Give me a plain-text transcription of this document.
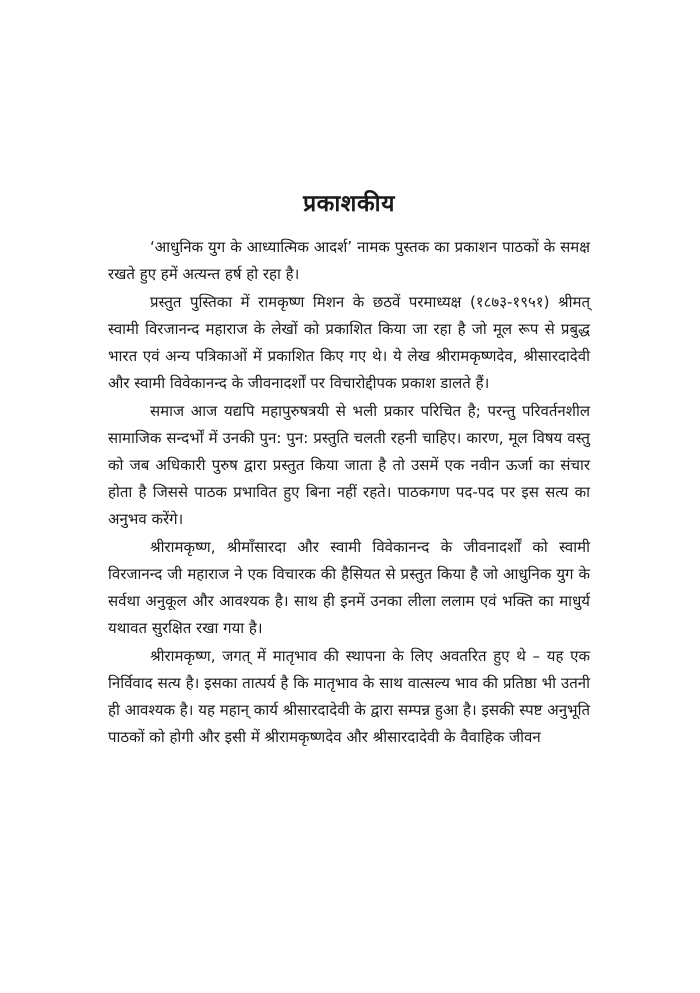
प्रकाशकीय

‘आधुनिक युग के आध्यात्मिक आदर्श’ नामक पुस्तक का प्रकाशन पाठकों के समक्ष रखते हुए हमें अत्यन्त हर्ष हो रहा है।

प्रस्तुत पुस्तिका में रामकृष्ण मिशन के छठवें परमाध्यक्ष (१८७३-१९५१) श्रीमत् स्वामी विरजानन्द महाराज के लेखों को प्रकाशित किया जा रहा है जो मूल रूप से प्रबुद्ध भारत एवं अन्य पत्रिकाओं में प्रकाशित किए गए थे। ये लेख श्रीरामकृष्णदेव, श्रीसारदादेवी और स्वामी विवेकानन्द के जीवनादर्शों पर विचारोद्दीपक प्रकाश डालते हैं।

समाज आज यद्यपि महापुरुषत्रयी से भली प्रकार परिचित है; परन्तु परिवर्तनशील सामाजिक सन्दर्भों में उनकी पुन: पुन: प्रस्तुति चलती रहनी चाहिए। कारण, मूल विषय वस्तु को जब अधिकारी पुरुष द्वारा प्रस्तुत किया जाता है तो उसमें एक नवीन ऊर्जा का संचार होता है जिससे पाठक प्रभावित हुए बिना नहीं रहते। पाठकगण पद-पद पर इस सत्य का अनुभव करेंगे।

श्रीरामकृष्ण, श्रीमाँसारदा और स्वामी विवेकानन्द के जीवनादर्शों को स्वामी विरजानन्द जी महाराज ने एक विचारक की हैसियत से प्रस्तुत किया है जो आधुनिक युग के सर्वथा अनुकूल और आवश्यक है। साथ ही इनमें उनका लीला ललाम एवं भक्ति का माधुर्य यथावत सुरक्षित रखा गया है।

श्रीरामकृष्ण, जगत् में मातृभाव की स्थापना के लिए अवतरित हुए थे – यह एक निर्विवाद सत्य है। इसका तात्पर्य है कि मातृभाव के साथ वात्सल्य भाव की प्रतिष्ठा भी उतनी ही आवश्यक है। यह महान् कार्य श्रीसारदादेवी के द्वारा सम्पन्न हुआ है। इसकी स्पष्ट अनुभूति पाठकों को होगी और इसी में श्रीरामकृष्णदेव और श्रीसारदादेवी के वैवाहिक जीवन
